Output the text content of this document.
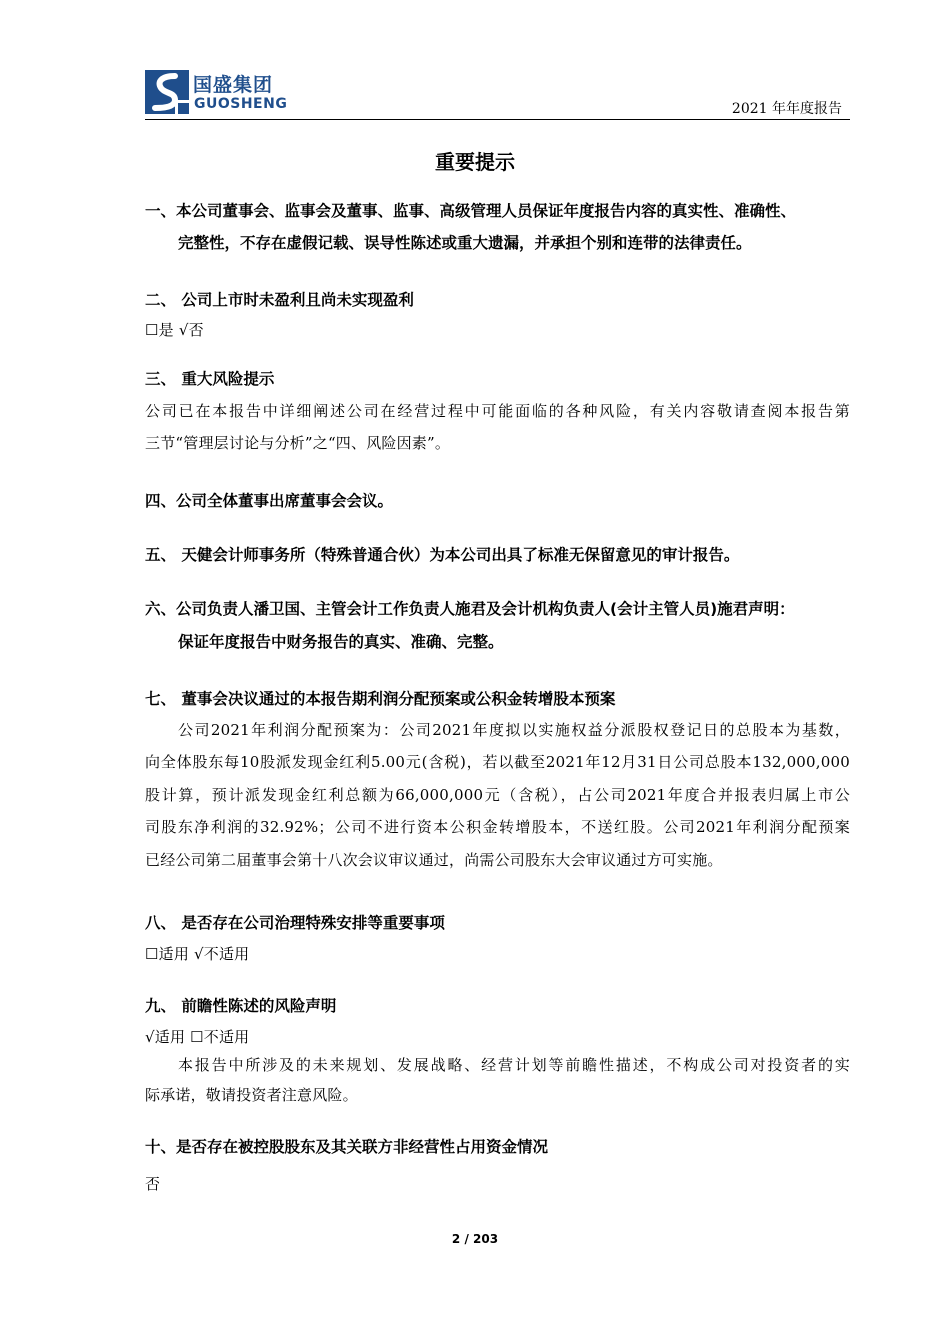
国盛集团
GUOSHENG	2021 年年度报告
重要提示
一、本公司董事会、监事会及董事、监事、高级管理人员保证年度报告内容的真实性、准确性、
完整性，不存在虚假记载、误导性陈述或重大遗漏，并承担个别和连带的法律责任。
二、 公司上市时未盈利且尚未实现盈利
☐是 √否
三、 重大风险提示
公司已在本报告中详细阐述公司在经营过程中可能面临的各种风险，有关内容敬请查阅本报告第
三节“管理层讨论与分析”之“四、风险因素”。
四、公司全体董事出席董事会会议。
五、 天健会计师事务所（特殊普通合伙）为本公司出具了标准无保留意见的审计报告。
六、公司负责人潘卫国、主管会计工作负责人施君及会计机构负责人(会计主管人员)施君声明：
保证年度报告中财务报告的真实、准确、完整。
七、 董事会决议通过的本报告期利润分配预案或公积金转增股本预案
公司2021年利润分配预案为：公司2021年度拟以实施权益分派股权登记日的总股本为基数，
向全体股东每10股派发现金红利5.00元(含税)，若以截至2021年12月31日公司总股本132,000,000
股计算，预计派发现金红利总额为66,000,000元（含税），占公司2021年度合并报表归属上市公
司股东净利润的32.92%；公司不进行资本公积金转增股本，不送红股。公司2021年利润分配预案
已经公司第二届董事会第十八次会议审议通过，尚需公司股东大会审议通过方可实施。
八、 是否存在公司治理特殊安排等重要事项
☐适用 √不适用
九、 前瞻性陈述的风险声明
√适用 ☐不适用
本报告中所涉及的未来规划、发展战略、经营计划等前瞻性描述，不构成公司对投资者的实
际承诺，敬请投资者注意风险。
十、是否存在被控股股东及其关联方非经营性占用资金情况
否
2 / 203
